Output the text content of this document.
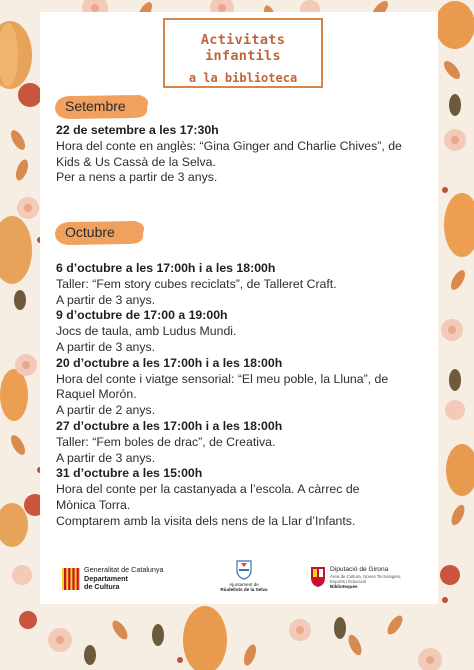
Activitats infantils
a la biblioteca
Setembre
22 de setembre a les 17:30h
Hora del conte en anglès: “Gina Ginger and Charlie Chives”, de
Kids & Us Cassà de la Selva.
Per a nens a partir de 3 anys.
Octubre
6 d’octubre a les 17:00h i a les 18:00h
Taller: “Fem story cubes reciclats”, de Talleret Craft.
A partir de 3 anys.
9 d’octubre de 17:00 a 19:00h
Jocs de taula, amb Ludus Mundi.
A partir de 3 anys.
20 d’octubre a les 17:00h i a les 18:00h
Hora del conte i viatge sensorial: “El meu poble, la Lluna”, de
Raquel Morón.
A partir de 2 anys.
27 d’octubre a les 17:00h i a les 18:00h
Taller: “Fem boles de drac”, de Creativa.
A partir de 3 anys.
31 d’octubre a les 15:00h
Hora del conte per la castanyada a l’escola. A càrrec de
Mònica Torra.
Comptarem amb la visita dels nens de la Llar d’Infants.
Generalitat de Catalunya
Departament
de Cultura	Ajuntament de
Riudellots de la Selva
Diputació de Girona
Àrea de Cultura, Noves Tecnologies,
Esports i Educació
Biblioteques
